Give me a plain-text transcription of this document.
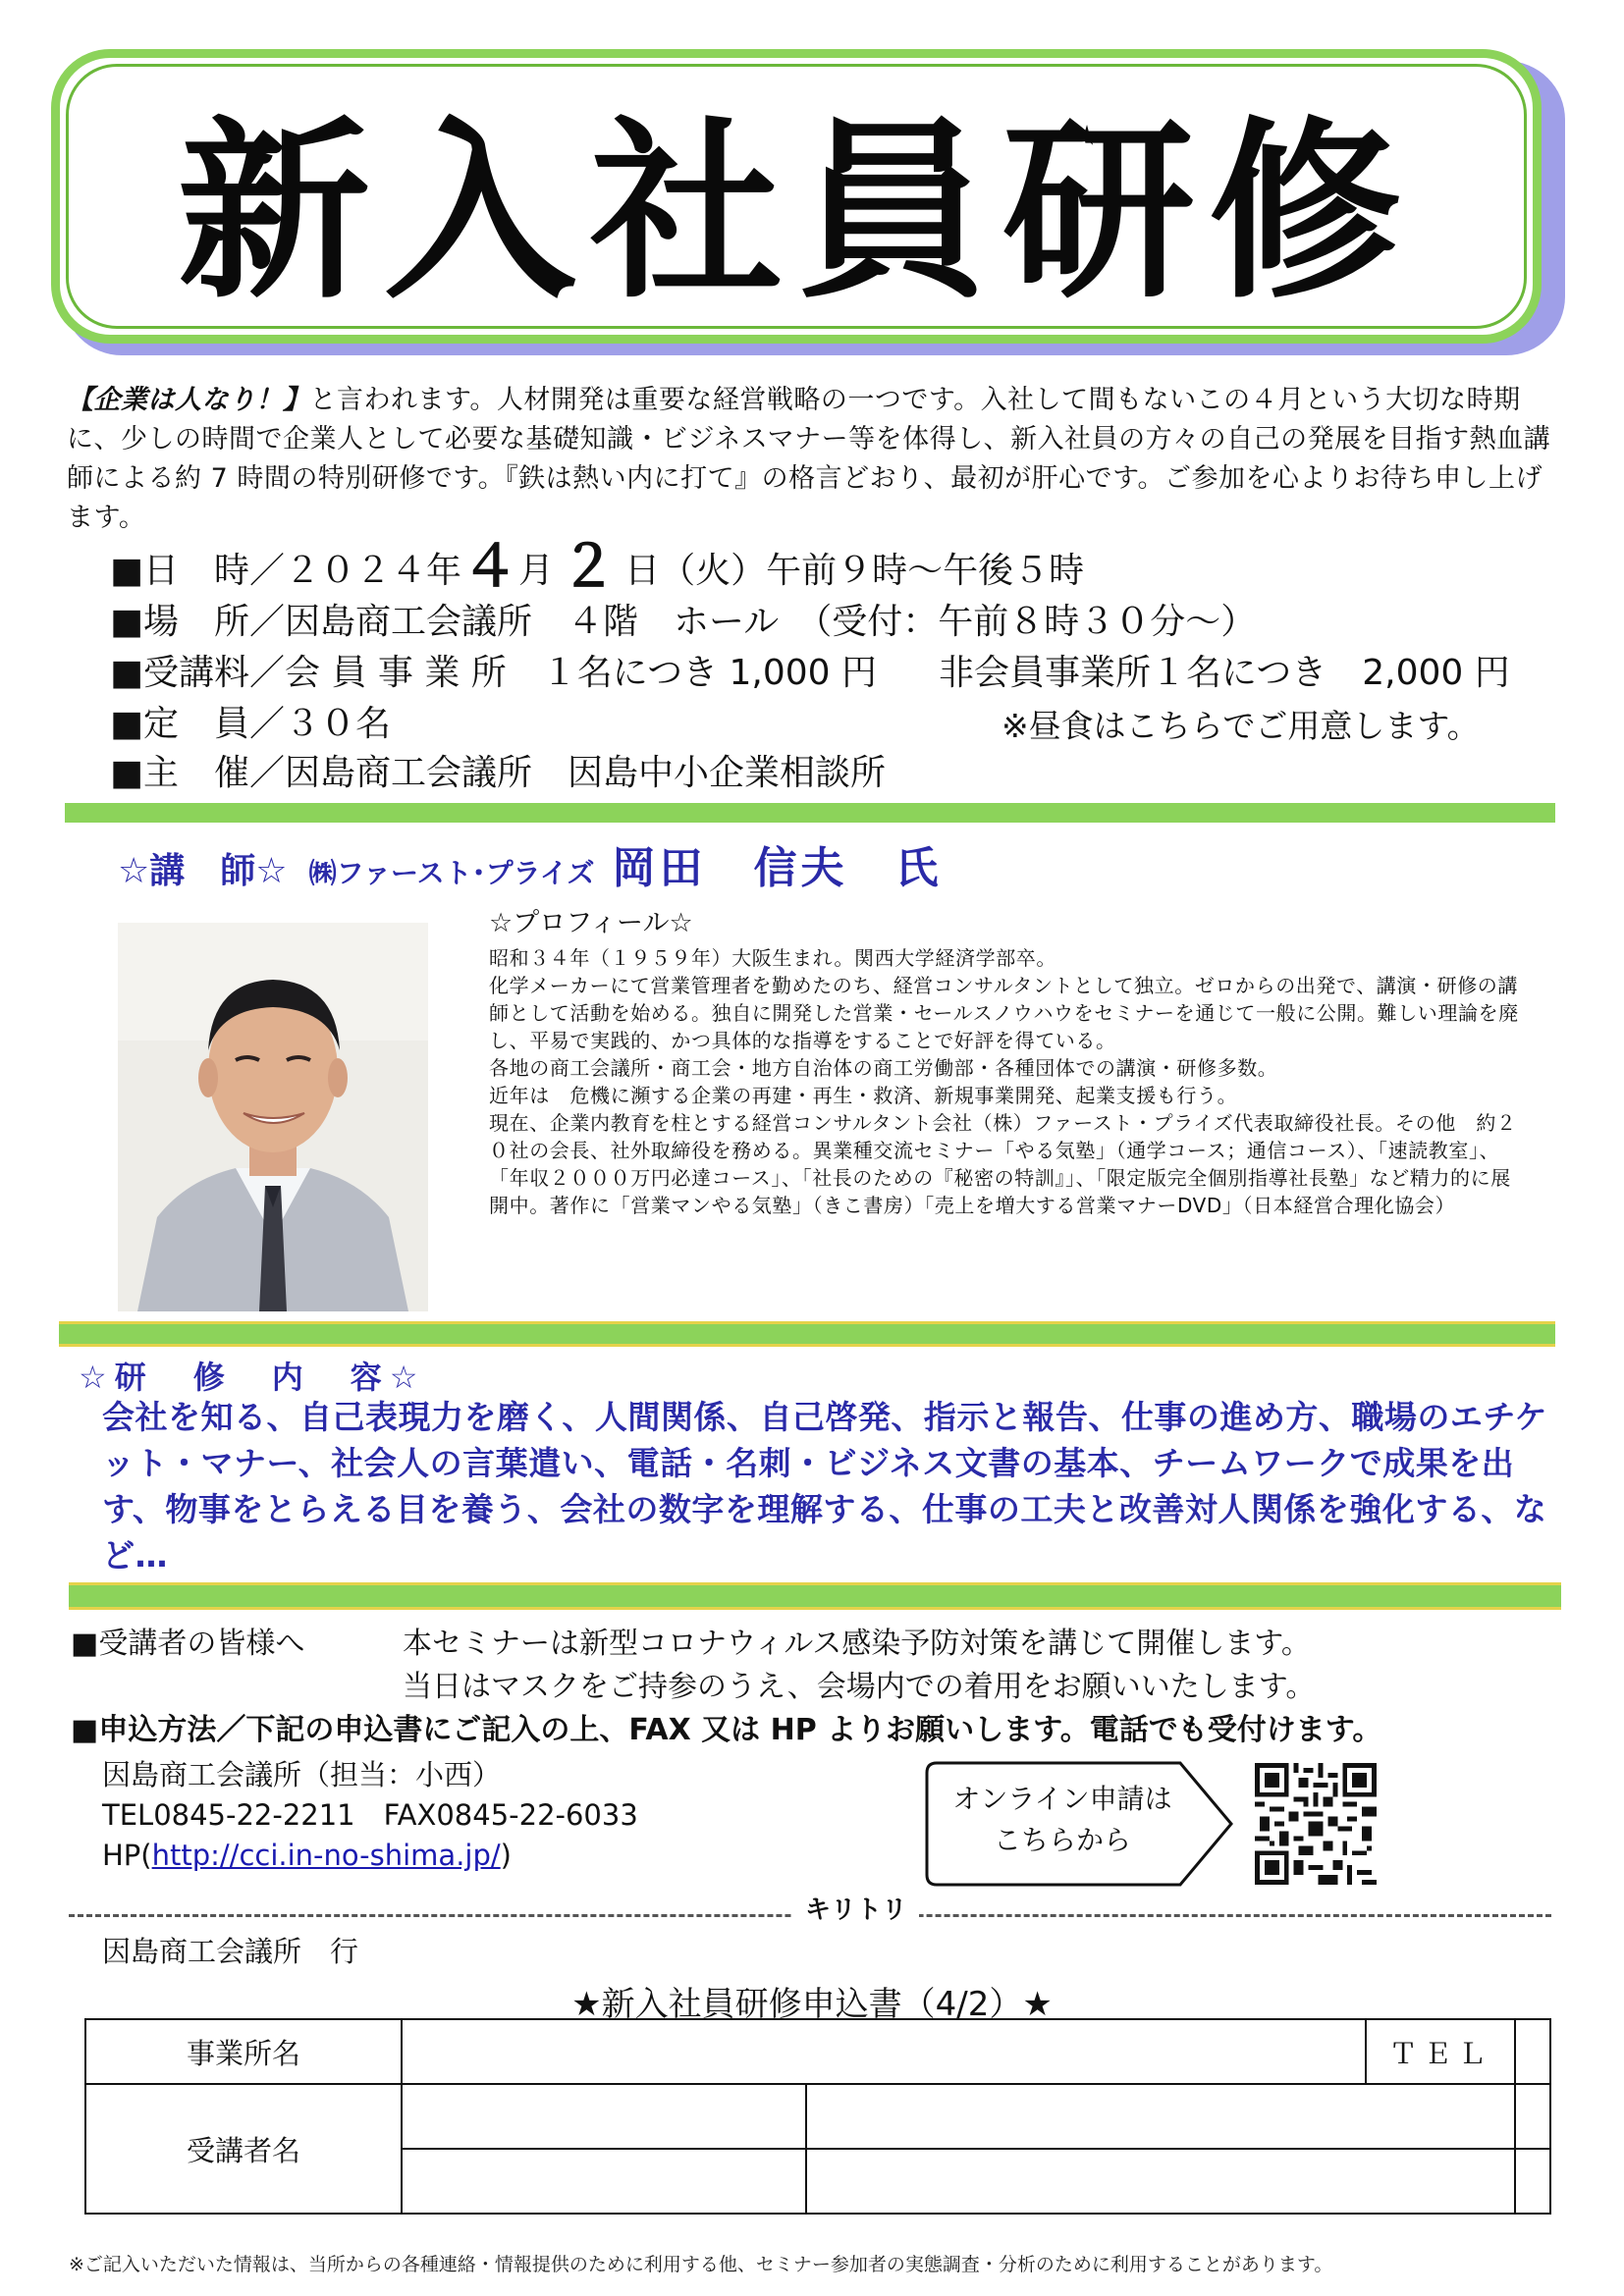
新入社員研修
【企業は人なり！】と言われます。人材開発は重要な経営戦略の一つです。入社して間もないこの４月という大切な時期に、少しの時間で企業人として必要な基礎知識・ビジネスマナー等を体得し、新入社員の方々の自己の発展を目指す熱血講師による約 7 時間の特別研修です。『鉄は熱い内に打て』の格言どおり、最初が肝心です。ご参加を心よりお待ち申し上げます。
■日　時／２０２４年４月 ２ 日（火）午前９時～午後５時
■場　所／因島商工会議所　４階　ホール　（受付：午前８時３０分～）
■受講料／会 員 事 業 所　１名につき 1,000 円 非会員事業所１名につき　2,000 円
■定　員／３０名	※昼食はこちらでご用意します。
■主　催／因島商工会議所　因島中小企業相談所
☆講　師☆ ㈱ファースト･プライズ 岡田　信夫　氏
☆プロフィール☆
昭和３４年（１９５９年）大阪生まれ。関西大学経済学部卒。
化学メーカーにて営業管理者を勤めたのち、経営コンサルタントとして独立。ゼロからの出発で、講演・研修の講師として活動を始める。独自に開発した営業・セールスノウハウをセミナーを通じて一般に公開。難しい理論を廃し、平易で実践的、かつ具体的な指導をすることで好評を得ている。
各地の商工会議所・商工会・地方自治体の商工労働部・各種団体での講演・研修多数。
近年は　危機に瀕する企業の再建・再生・救済、新規事業開発、起業支援も行う。
現在、企業内教育を柱とする経営コンサルタント会社（株）ファースト・プライズ代表取締役社長。その他　約２０社の会長、社外取締役を務める。異業種交流セミナー「やる気塾」（通学コース；通信コース）、「速読教室」、「年収２０００万円必達コース」、「社長のための『秘密の特訓』」、「限定版完全個別指導社長塾」など精力的に展開中。著作に「営業マンやる気塾」（きこ書房）「売上を増大する営業マナーDVD」（日本経営合理化協会）
☆研　修　内　容☆
会社を知る、自己表現力を磨く、人間関係、自己啓発、指示と報告、仕事の進め方、職場のエチケット・マナー、社会人の言葉遣い、電話・名刺・ビジネス文書の基本、チームワークで成果を出す、物事をとらえる目を養う、会社の数字を理解する、仕事の工夫と改善対人関係を強化する、など…
■受講者の皆様へ	本セミナーは新型コロナウィルス感染予防対策を講じて開催します。
当日はマスクをご持参のうえ、会場内での着用をお願いいたします。
■申込方法／下記の申込書にご記入の上、FAX 又は HP よりお願いします。電話でも受付けます。
因島商工会議所（担当：小西）
TEL0845-22-2211　FAX0845-22-6033
HP(http://cci.in-no-shima.jp/)
オンライン申請は
こちらから
キリトリ
因島商工会議所　行
★新入社員研修申込書（4/2）★
事業所名			ＴＥＬ	
受講者名				

※ご記入いただいた情報は、当所からの各種連絡・情報提供のために利用する他、セミナー参加者の実態調査・分析のために利用することがあります。
